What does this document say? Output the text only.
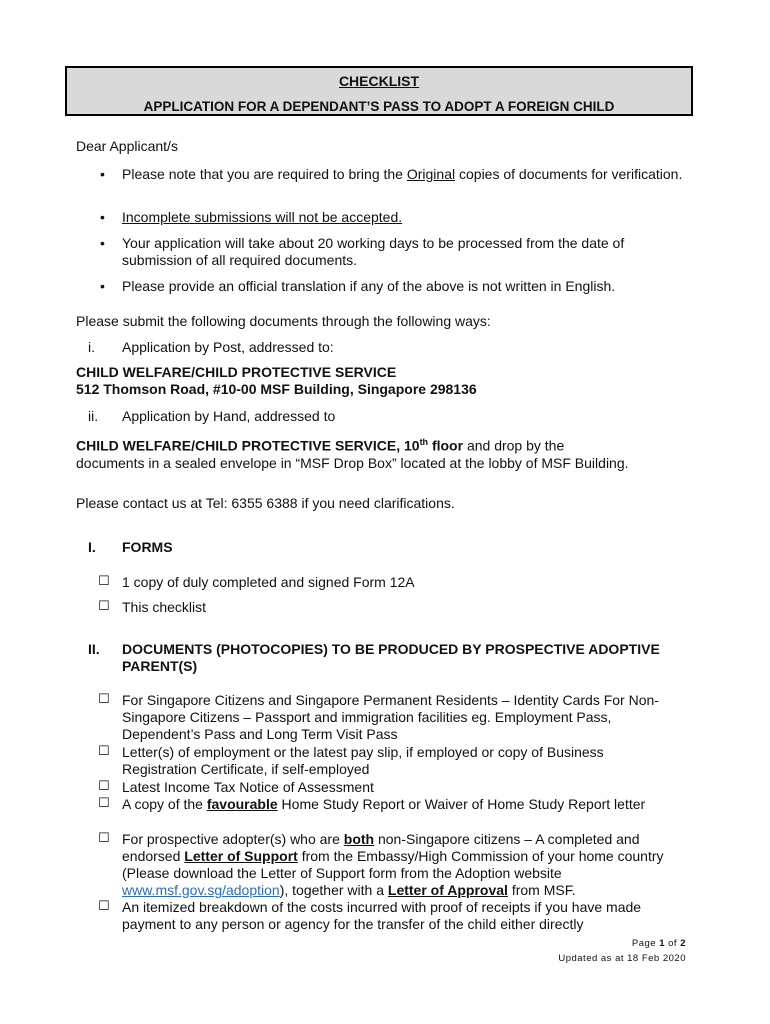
CHECKLIST
APPLICATION FOR A DEPENDANT’S PASS TO ADOPT A FOREIGN CHILD
Dear Applicant/s
• Please note that you are required to bring the Original copies of documents for verification.
• Incomplete submissions will not be accepted.
• Your application will take about 20 working days to be processed from the date of submission of all required documents.
• Please provide an official translation if any of the above is not written in English.
Please submit the following documents through the following ways:
i. Application by Post, addressed to:
CHILD WELFARE/CHILD PROTECTIVE SERVICE
512 Thomson Road, #10-00 MSF Building, Singapore 298136
ii. Application by Hand, addressed to
CHILD WELFARE/CHILD PROTECTIVE SERVICE, 10th floor and drop by the documents in a sealed envelope in “MSF Drop Box” located at the lobby of MSF Building.
Please contact us at Tel: 6355 6388 if you need clarifications.
I. FORMS
☐ 1 copy of duly completed and signed Form 12A
☐ This checklist
II. DOCUMENTS (PHOTOCOPIES) TO BE PRODUCED BY PROSPECTIVE ADOPTIVE PARENT(S)
☐ For Singapore Citizens and Singapore Permanent Residents – Identity Cards For Non-Singapore Citizens – Passport and immigration facilities eg. Employment Pass, Dependent’s Pass and Long Term Visit Pass
☐ Letter(s) of employment or the latest pay slip, if employed or copy of Business Registration Certificate, if self-employed
☐ Latest Income Tax Notice of Assessment
☐ A copy of the favourable Home Study Report or Waiver of Home Study Report letter
☐ For prospective adopter(s) who are both non-Singapore citizens – A completed and endorsed Letter of Support from the Embassy/High Commission of your home country (Please download the Letter of Support form from the Adoption website www.msf.gov.sg/adoption), together with a Letter of Approval from MSF.
☐ An itemized breakdown of the costs incurred with proof of receipts if you have made payment to any person or agency for the transfer of the child either directly
Page 1 of 2
Updated as at 18 Feb 2020
